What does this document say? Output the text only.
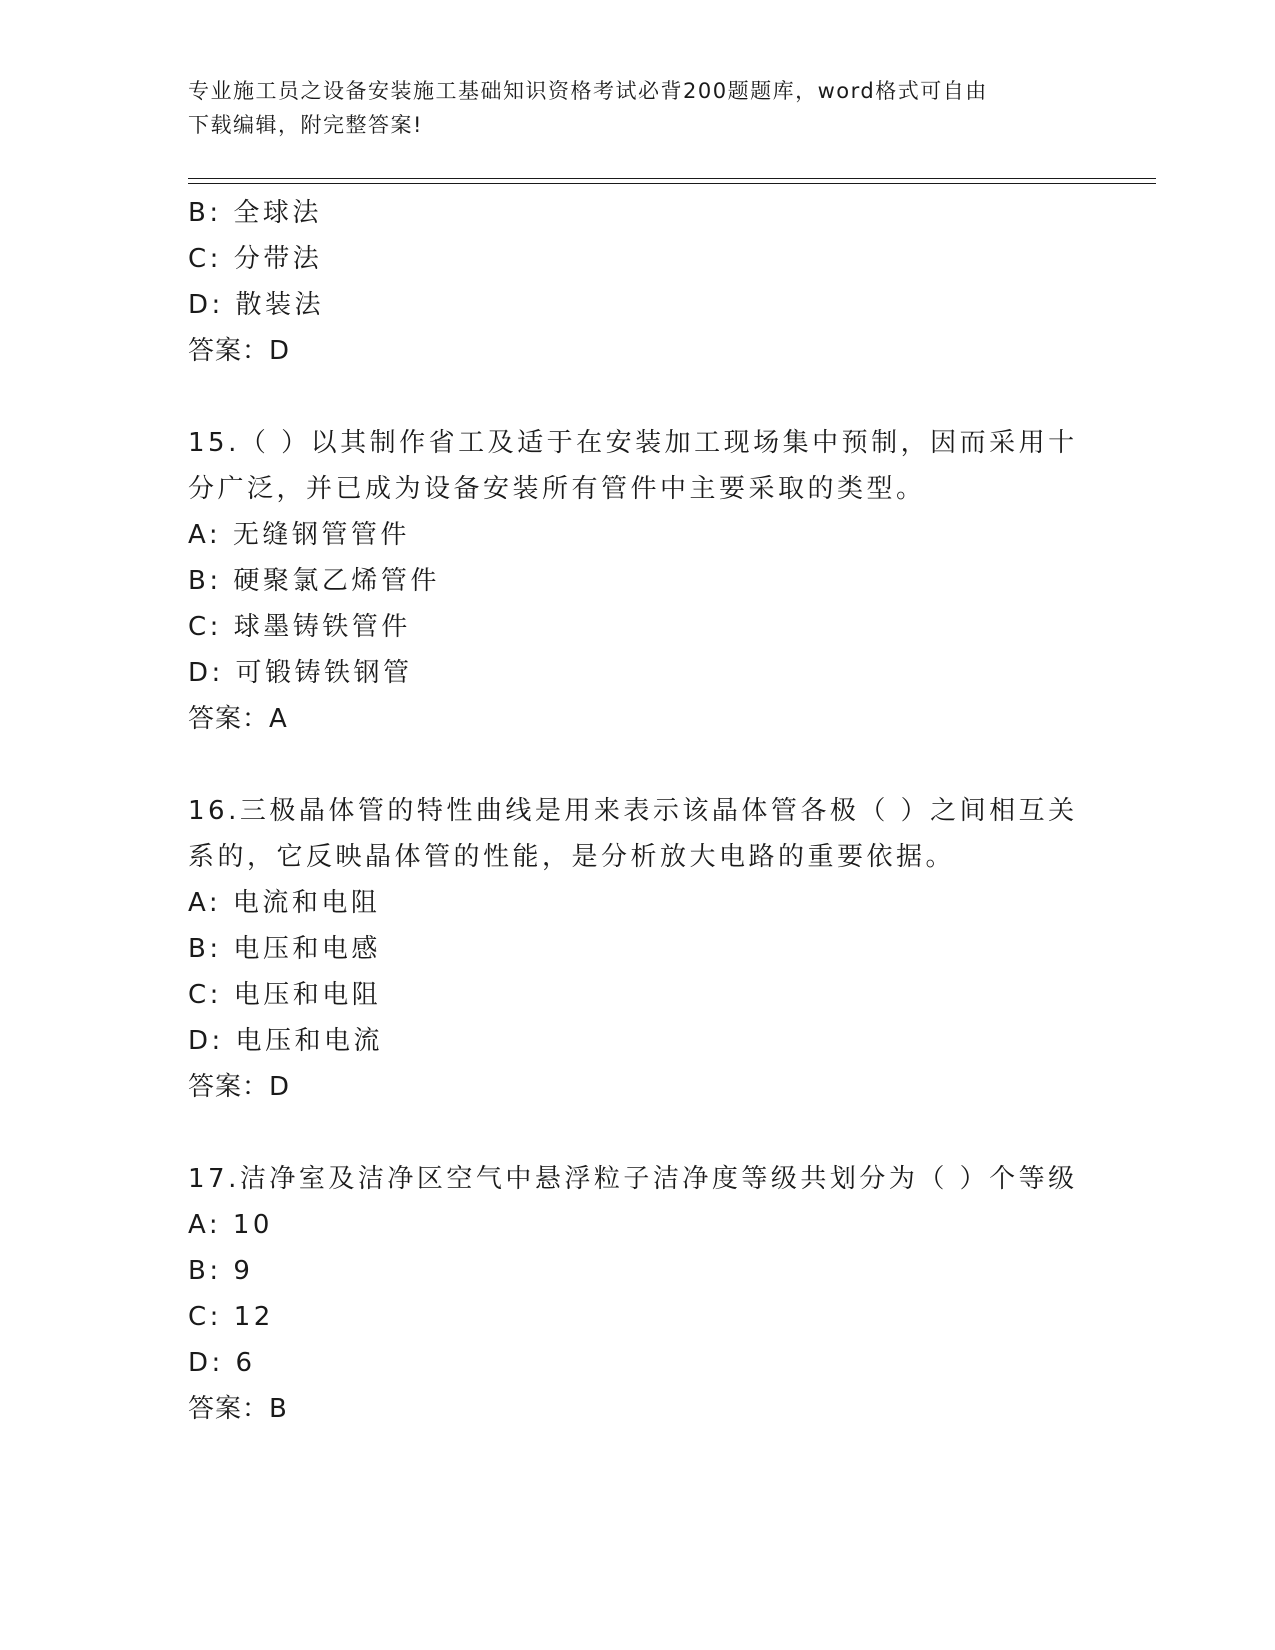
专业施工员之设备安装施工基础知识资格考试必背200题题库，word格式可自由
下载编辑，附完整答案!
B: 全球法
C: 分带法
D: 散装法
答案：D
15.（ ）以其制作省工及适于在安装加工现场集中预制，因而采用十
分广泛，并已成为设备安装所有管件中主要采取的类型。
A: 无缝钢管管件
B: 硬聚氯乙烯管件
C: 球墨铸铁管件
D: 可锻铸铁钢管
答案：A
16.三极晶体管的特性曲线是用来表示该晶体管各极（ ）之间相互关
系的，它反映晶体管的性能，是分析放大电路的重要依据。
A: 电流和电阻
B: 电压和电感
C: 电压和电阻
D: 电压和电流
答案：D
17.洁净室及洁净区空气中悬浮粒子洁净度等级共划分为（ ）个等级
A: 10
B: 9
C: 12
D: 6
答案：B
